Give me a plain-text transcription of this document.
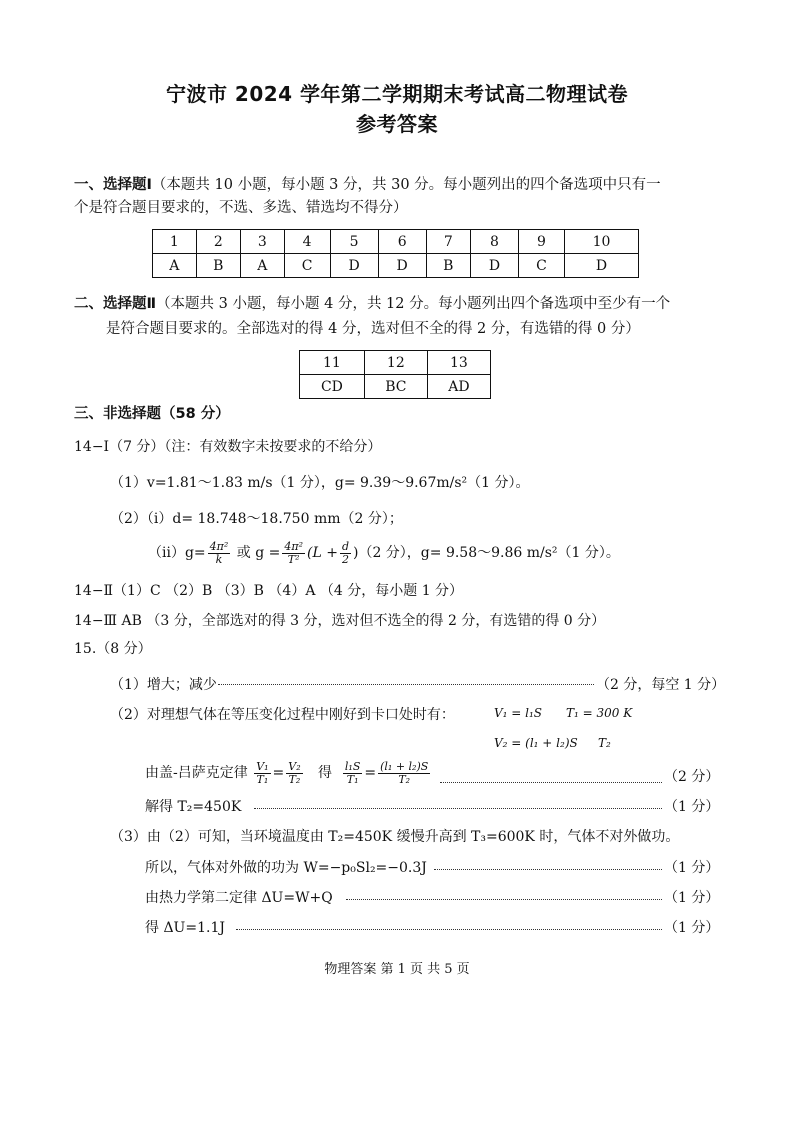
宁波市 2024 学年第二学期期末考试高二物理试卷
参考答案
一、选择题Ⅰ（本题共 10 小题，每小题 3 分，共 30 分。每小题列出的四个备选项中只有一
个是符合题目要求的，不选、多选、错选均不得分）
1	2	3	4	5	6	7	8	9	10
A	B	A	C	D	D	B	D	C	D
二、选择题Ⅱ（本题共 3 小题，每小题 4 分，共 12 分。每小题列出四个备选项中至少有一个
是符合题目要求的。全部选对的得 4 分，选对但不全的得 2 分，有选错的得 0 分）
11	12	13
CD	BC	AD
三、非选择题（58 分）
14−Ⅰ（7 分）（注：有效数字未按要求的不给分）
（1）v=1.81～1.83 m/s（1 分），g= 9.39～9.67m/s²（1 分）。
（2）（ⅰ）d= 18.748～18.750 mm（2 分）；
（ⅱ）g= $\frac{\text{4π²}}{k}$ 或 $g = \frac{\text{4π²}}{\text{T²}} (L + \frac{d}{2} )(2$ 分），g= 9.58～9.86 m/s²（1 分）。
14−Ⅱ（1）C （2）B （3）B （4）A （4 分，每小题 1 分）
14−Ⅲ AB （3 分，全部选对的得 3 分，选对但不选全的得 2 分，有选错的得 0 分）
15.（8 分）
（1）增大；减少	（2 分，每空 1 分）
（2）对理想气体在等压变化过程中刚好到卡口处时有：	V₁ = l₁S T₁ = 300 K
V₂ = (l₁ + l₂)S T₂
由盖-吕萨克定律 $\frac{\text{V₁}}{\text{T₁}} = \frac{\text{V₂}}{\text{T₂}}$ 得 $\frac{\text{l₁S}}{\text{T₁}} = \frac{\text{(l₁ + l₂)S}}{\text{T₂}}$	（2 分）
解得 T₂=450K	（1 分）
（3）由（2）可知，当环境温度由 T₂=450K 缓慢升高到 T₃=600K 时，气体不对外做功。
所以，气体对外做的功为 W=−p₀Sl₂=−0.3J	（1 分）
由热力学第二定律 ΔU=W+Q	（1 分）
得 ΔU=1.1J	（1 分）
物理答案 第 1 页 共 5 页
